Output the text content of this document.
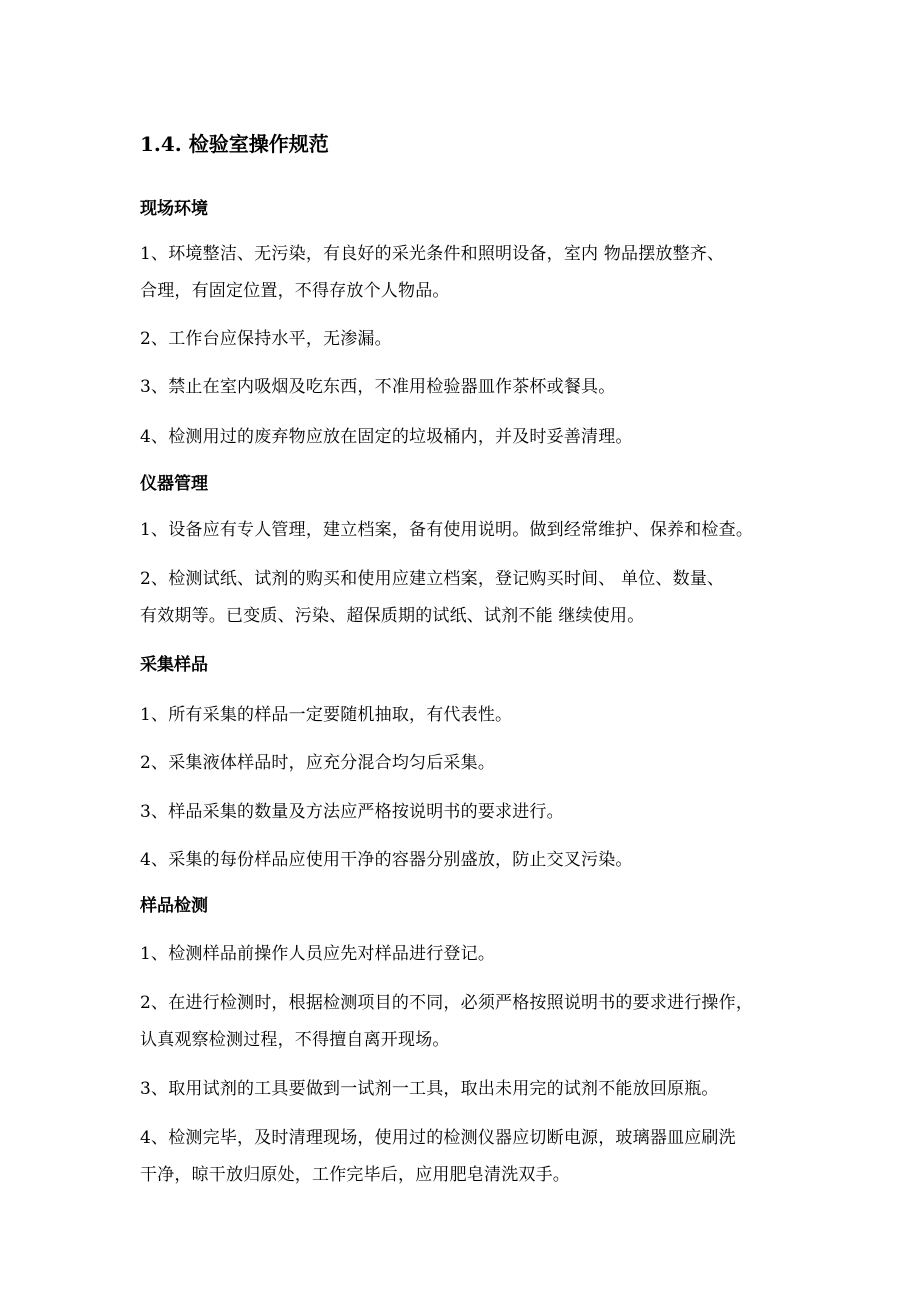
1.4. 检验室操作规范
现场环境
1、环境整洁、无污染，有良好的采光条件和照明设备，室内 物品摆放整齐、
合理，有固定位置，不得存放个人物品。
2、工作台应保持水平，无渗漏。
3、禁止在室内吸烟及吃东西，不准用检验器皿作茶杯或餐具。
4、检测用过的废弃物应放在固定的垃圾桶内，并及时妥善清理。
仪器管理
1、设备应有专人管理，建立档案，备有使用说明。做到经常维护、保养和检查。
2、检测试纸、试剂的购买和使用应建立档案，登记购买时间、 单位、数量、
有效期等。已变质、污染、超保质期的试纸、试剂不能 继续使用。
采集样品
1、所有采集的样品一定要随机抽取，有代表性。
2、采集液体样品时，应充分混合均匀后采集。
3、样品采集的数量及方法应严格按说明书的要求进行。
4、采集的每份样品应使用干净的容器分别盛放，防止交叉污染。
样品检测
1、检测样品前操作人员应先对样品进行登记。
2、在进行检测时，根据检测项目的不同，必须严格按照说明书的要求进行操作，
认真观察检测过程，不得擅自离开现场。
3、取用试剂的工具要做到一试剂一工具，取出未用完的试剂不能放回原瓶。
4、检测完毕，及时清理现场，使用过的检测仪器应切断电源，玻璃器皿应刷洗
干净，晾干放归原处，工作完毕后，应用肥皂清洗双手。
